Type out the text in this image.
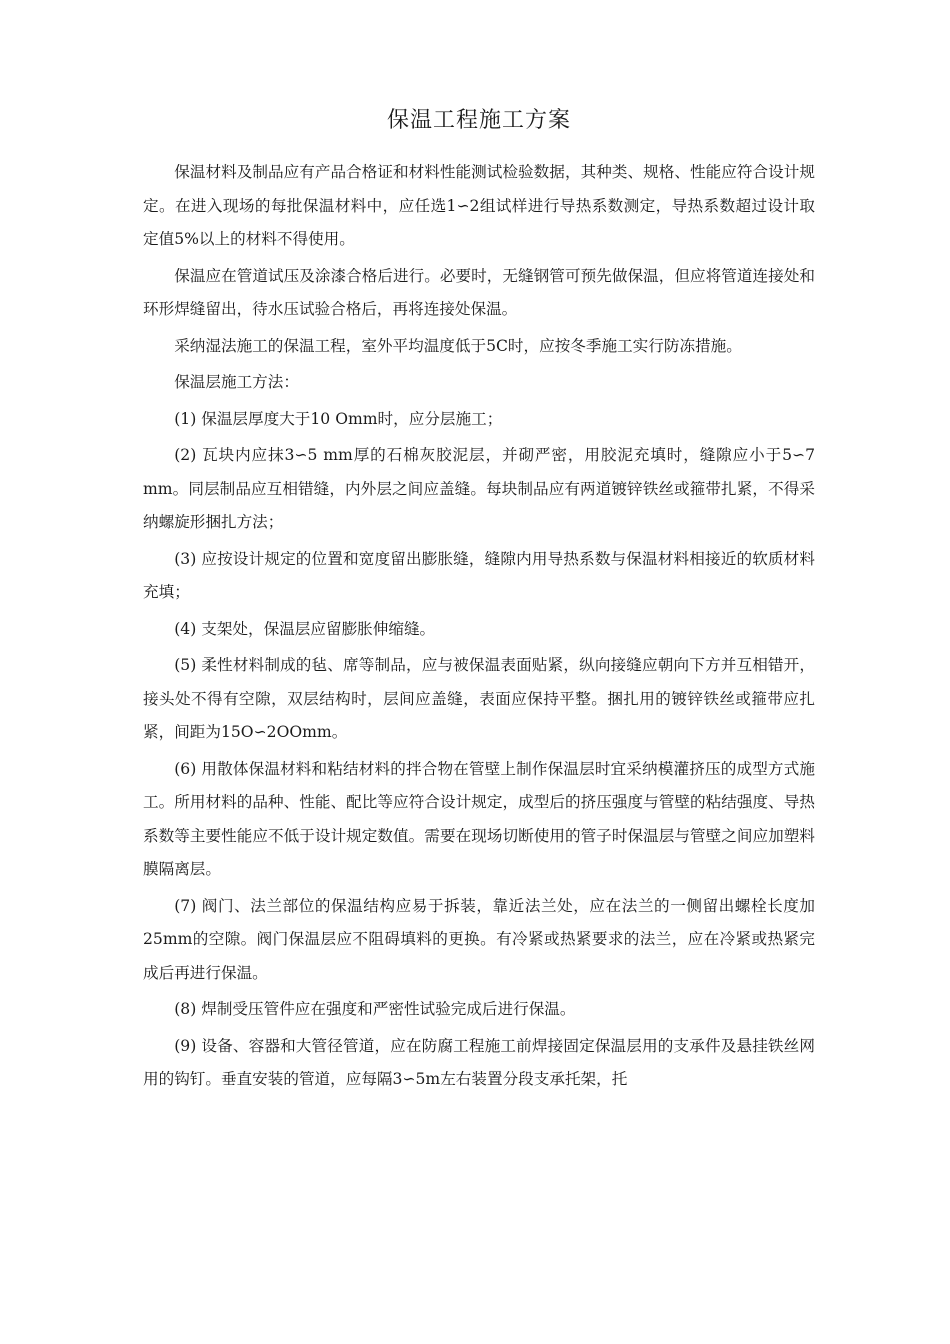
保温工程施工方案

保温材料及制品应有产品合格证和材料性能测试检验数据，其种类、规格、性能应符合设计规定。在进入现场的每批保温材料中，应任选1∽2组试样进行导热系数测定，导热系数超过设计取定值5%以上的材料不得使用。

保温应在管道试压及涂漆合格后进行。必要时，无缝钢管可预先做保温，但应将管道连接处和环形焊缝留出，待水压试验合格后，再将连接处保温。

采纳湿法施工的保温工程，室外平均温度低于5C时，应按冬季施工实行防冻措施。

保温层施工方法：

(1) 保温层厚度大于10 Omm时，应分层施工；

(2) 瓦块内应抹3∽5 mm厚的石棉灰胶泥层，并砌严密，用胶泥充填时，缝隙应小于5∽7 mm。同层制品应互相错缝，内外层之间应盖缝。每块制品应有两道镀锌铁丝或箍带扎紧，不得采纳螺旋形捆扎方法；

(3) 应按设计规定的位置和宽度留出膨胀缝，缝隙内用导热系数与保温材料相接近的软质材料充填；

(4) 支架处，保温层应留膨胀伸缩缝。

(5) 柔性材料制成的毡、席等制品，应与被保温表面贴紧，纵向接缝应朝向下方并互相错开，接头处不得有空隙，双层结构时，层间应盖缝，表面应保持平整。捆扎用的镀锌铁丝或箍带应扎紧，间距为15O∽2OOmm。

(6) 用散体保温材料和粘结材料的拌合物在管壁上制作保温层时宜采纳模灌挤压的成型方式施工。所用材料的品种、性能、配比等应符合设计规定，成型后的挤压强度与管壁的粘结强度、导热系数等主要性能应不低于设计规定数值。需要在现场切断使用的管子时保温层与管壁之间应加塑料膜隔离层。

(7) 阀门、法兰部位的保温结构应易于拆装，靠近法兰处，应在法兰的一侧留出螺栓长度加25mm的空隙。阀门保温层应不阻碍填料的更换。有冷紧或热紧要求的法兰，应在冷紧或热紧完成后再进行保温。

(8) 焊制受压管件应在强度和严密性试验完成后进行保温。

(9) 设备、容器和大管径管道，应在防腐工程施工前焊接固定保温层用的支承件及悬挂铁丝网用的钩钉。垂直安装的管道，应每隔3∽5m左右装置分段支承托架，托
